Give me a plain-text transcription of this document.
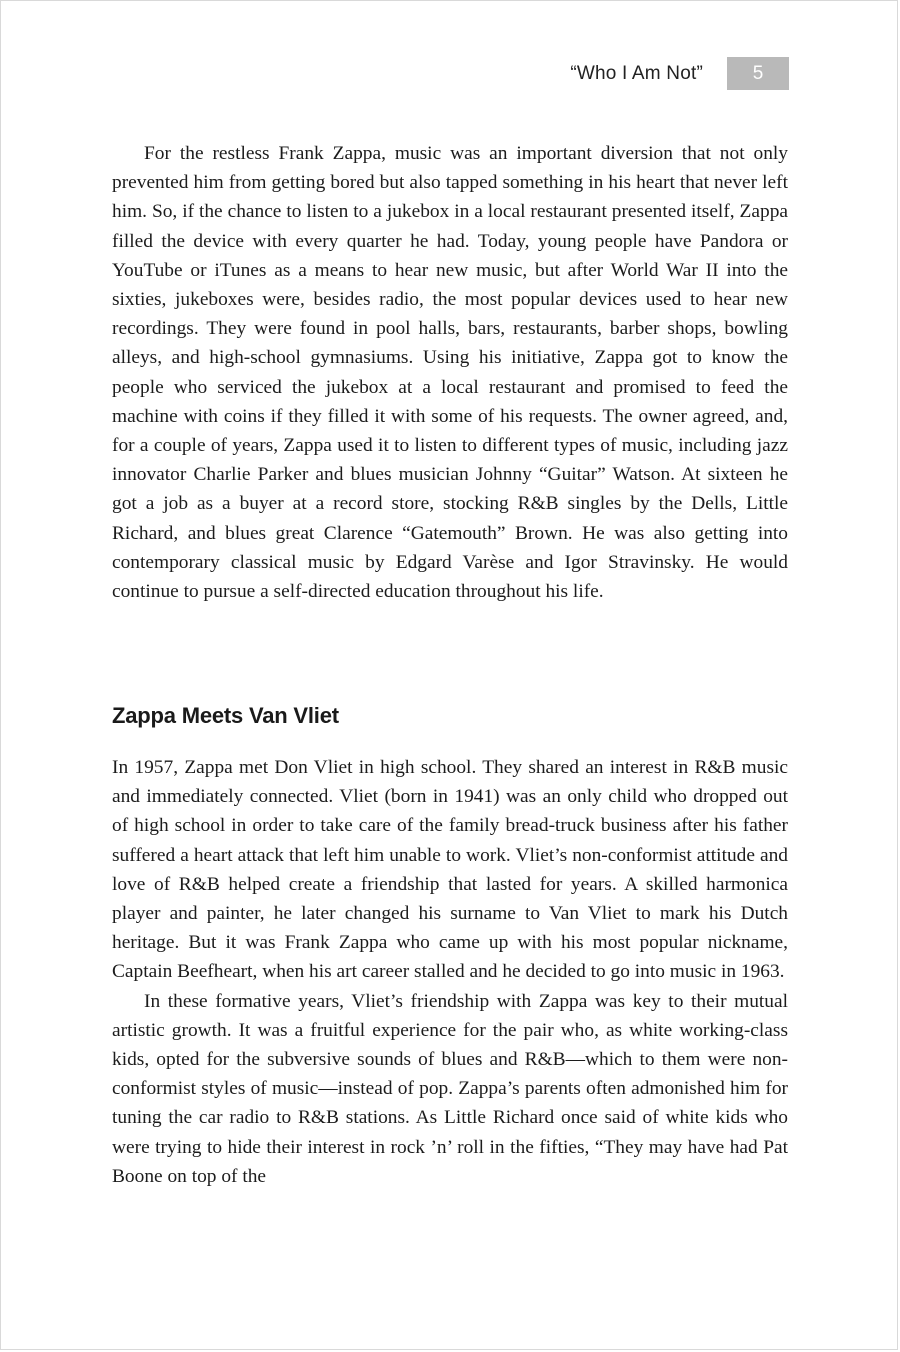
“Who I Am Not”	5

For the restless Frank Zappa, music was an important diversion that not only prevented him from getting bored but also tapped something in his heart that never left him. So, if the chance to listen to a jukebox in a local restaurant presented itself, Zappa filled the device with every quarter he had. Today, young people have Pandora or YouTube or iTunes as a means to hear new music, but after World War II into the sixties, jukeboxes were, besides radio, the most popular devices used to hear new recordings. They were found in pool halls, bars, restaurants, barber shops, bowling alleys, and high-school gymnasiums. Using his initiative, Zappa got to know the people who serviced the jukebox at a local restaurant and promised to feed the machine with coins if they filled it with some of his requests. The owner agreed, and, for a couple of years, Zappa used it to listen to different types of music, including jazz innovator Charlie Parker and blues musician Johnny “Guitar” Watson. At sixteen he got a job as a buyer at a record store, stocking R&B singles by the Dells, Little Richard, and blues great Clarence “Gatemouth” Brown. He was also getting into contemporary classical music by Edgard Varèse and Igor Stravinsky. He would continue to pursue a self-directed education throughout his life.

Zappa Meets Van Vliet

In 1957, Zappa met Don Vliet in high school. They shared an interest in R&B music and immediately connected. Vliet (born in 1941) was an only child who dropped out of high school in order to take care of the family bread-truck business after his father suffered a heart attack that left him unable to work. Vliet’s non-conformist attitude and love of R&B helped create a friendship that lasted for years. A skilled harmonica player and painter, he later changed his surname to Van Vliet to mark his Dutch heritage. But it was Frank Zappa who came up with his most popular nickname, Captain Beefheart, when his art career stalled and he decided to go into music in 1963.

In these formative years, Vliet’s friendship with Zappa was key to their mutual artistic growth. It was a fruitful experience for the pair who, as white working-class kids, opted for the subversive sounds of blues and R&B—which to them were non-conformist styles of music—instead of pop. Zappa’s parents often admonished him for tuning the car radio to R&B stations. As Little Richard once said of white kids who were trying to hide their interest in rock ’n’ roll in the fifties, “They may have had Pat Boone on top of the
